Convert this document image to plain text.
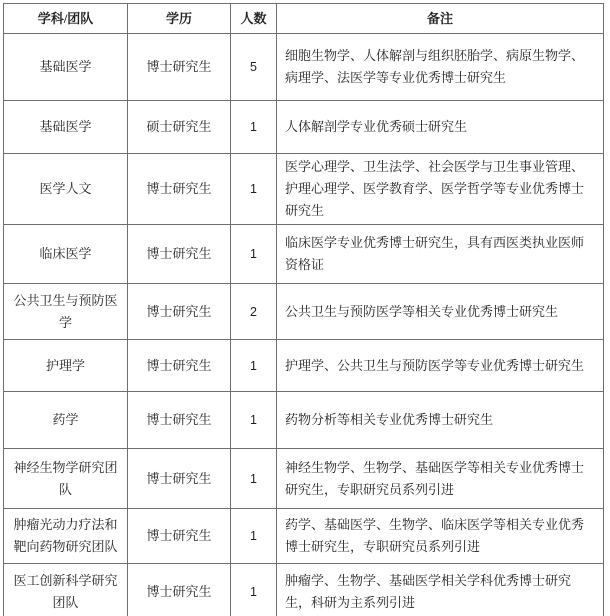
学科/团队	学历	人数	备注
基础医学	博士研究生	5	细胞生物学、人体解剖与组织胚胎学、病原生物学、病理学、法医学等专业优秀博士研究生
基础医学	硕士研究生	1	人体解剖学专业优秀硕士研究生
医学人文	博士研究生	1	医学心理学、卫生法学、社会医学与卫生事业管理、护理心理学、医学教育学、医学哲学等专业优秀博士研究生
临床医学	博士研究生	1	临床医学专业优秀博士研究生，具有西医类执业医师资格证
公共卫生与预防医学	博士研究生	2	公共卫生与预防医学等相关专业优秀博士研究生
护理学	博士研究生	1	护理学、公共卫生与预防医学等专业优秀博士研究生
药学	博士研究生	1	药物分析等相关专业优秀博士研究生
神经生物学研究团队	博士研究生	1	神经生物学、生物学、基础医学等相关专业优秀博士研究生，专职研究员系列引进
肿瘤光动力疗法和靶向药物研究团队	博士研究生	1	药学、基础医学、生物学、临床医学等相关专业优秀博士研究生，专职研究员系列引进
医工创新科学研究团队	博士研究生	1	肿瘤学、生物学、基础医学相关学科优秀博士研究生，科研为主系列引进
